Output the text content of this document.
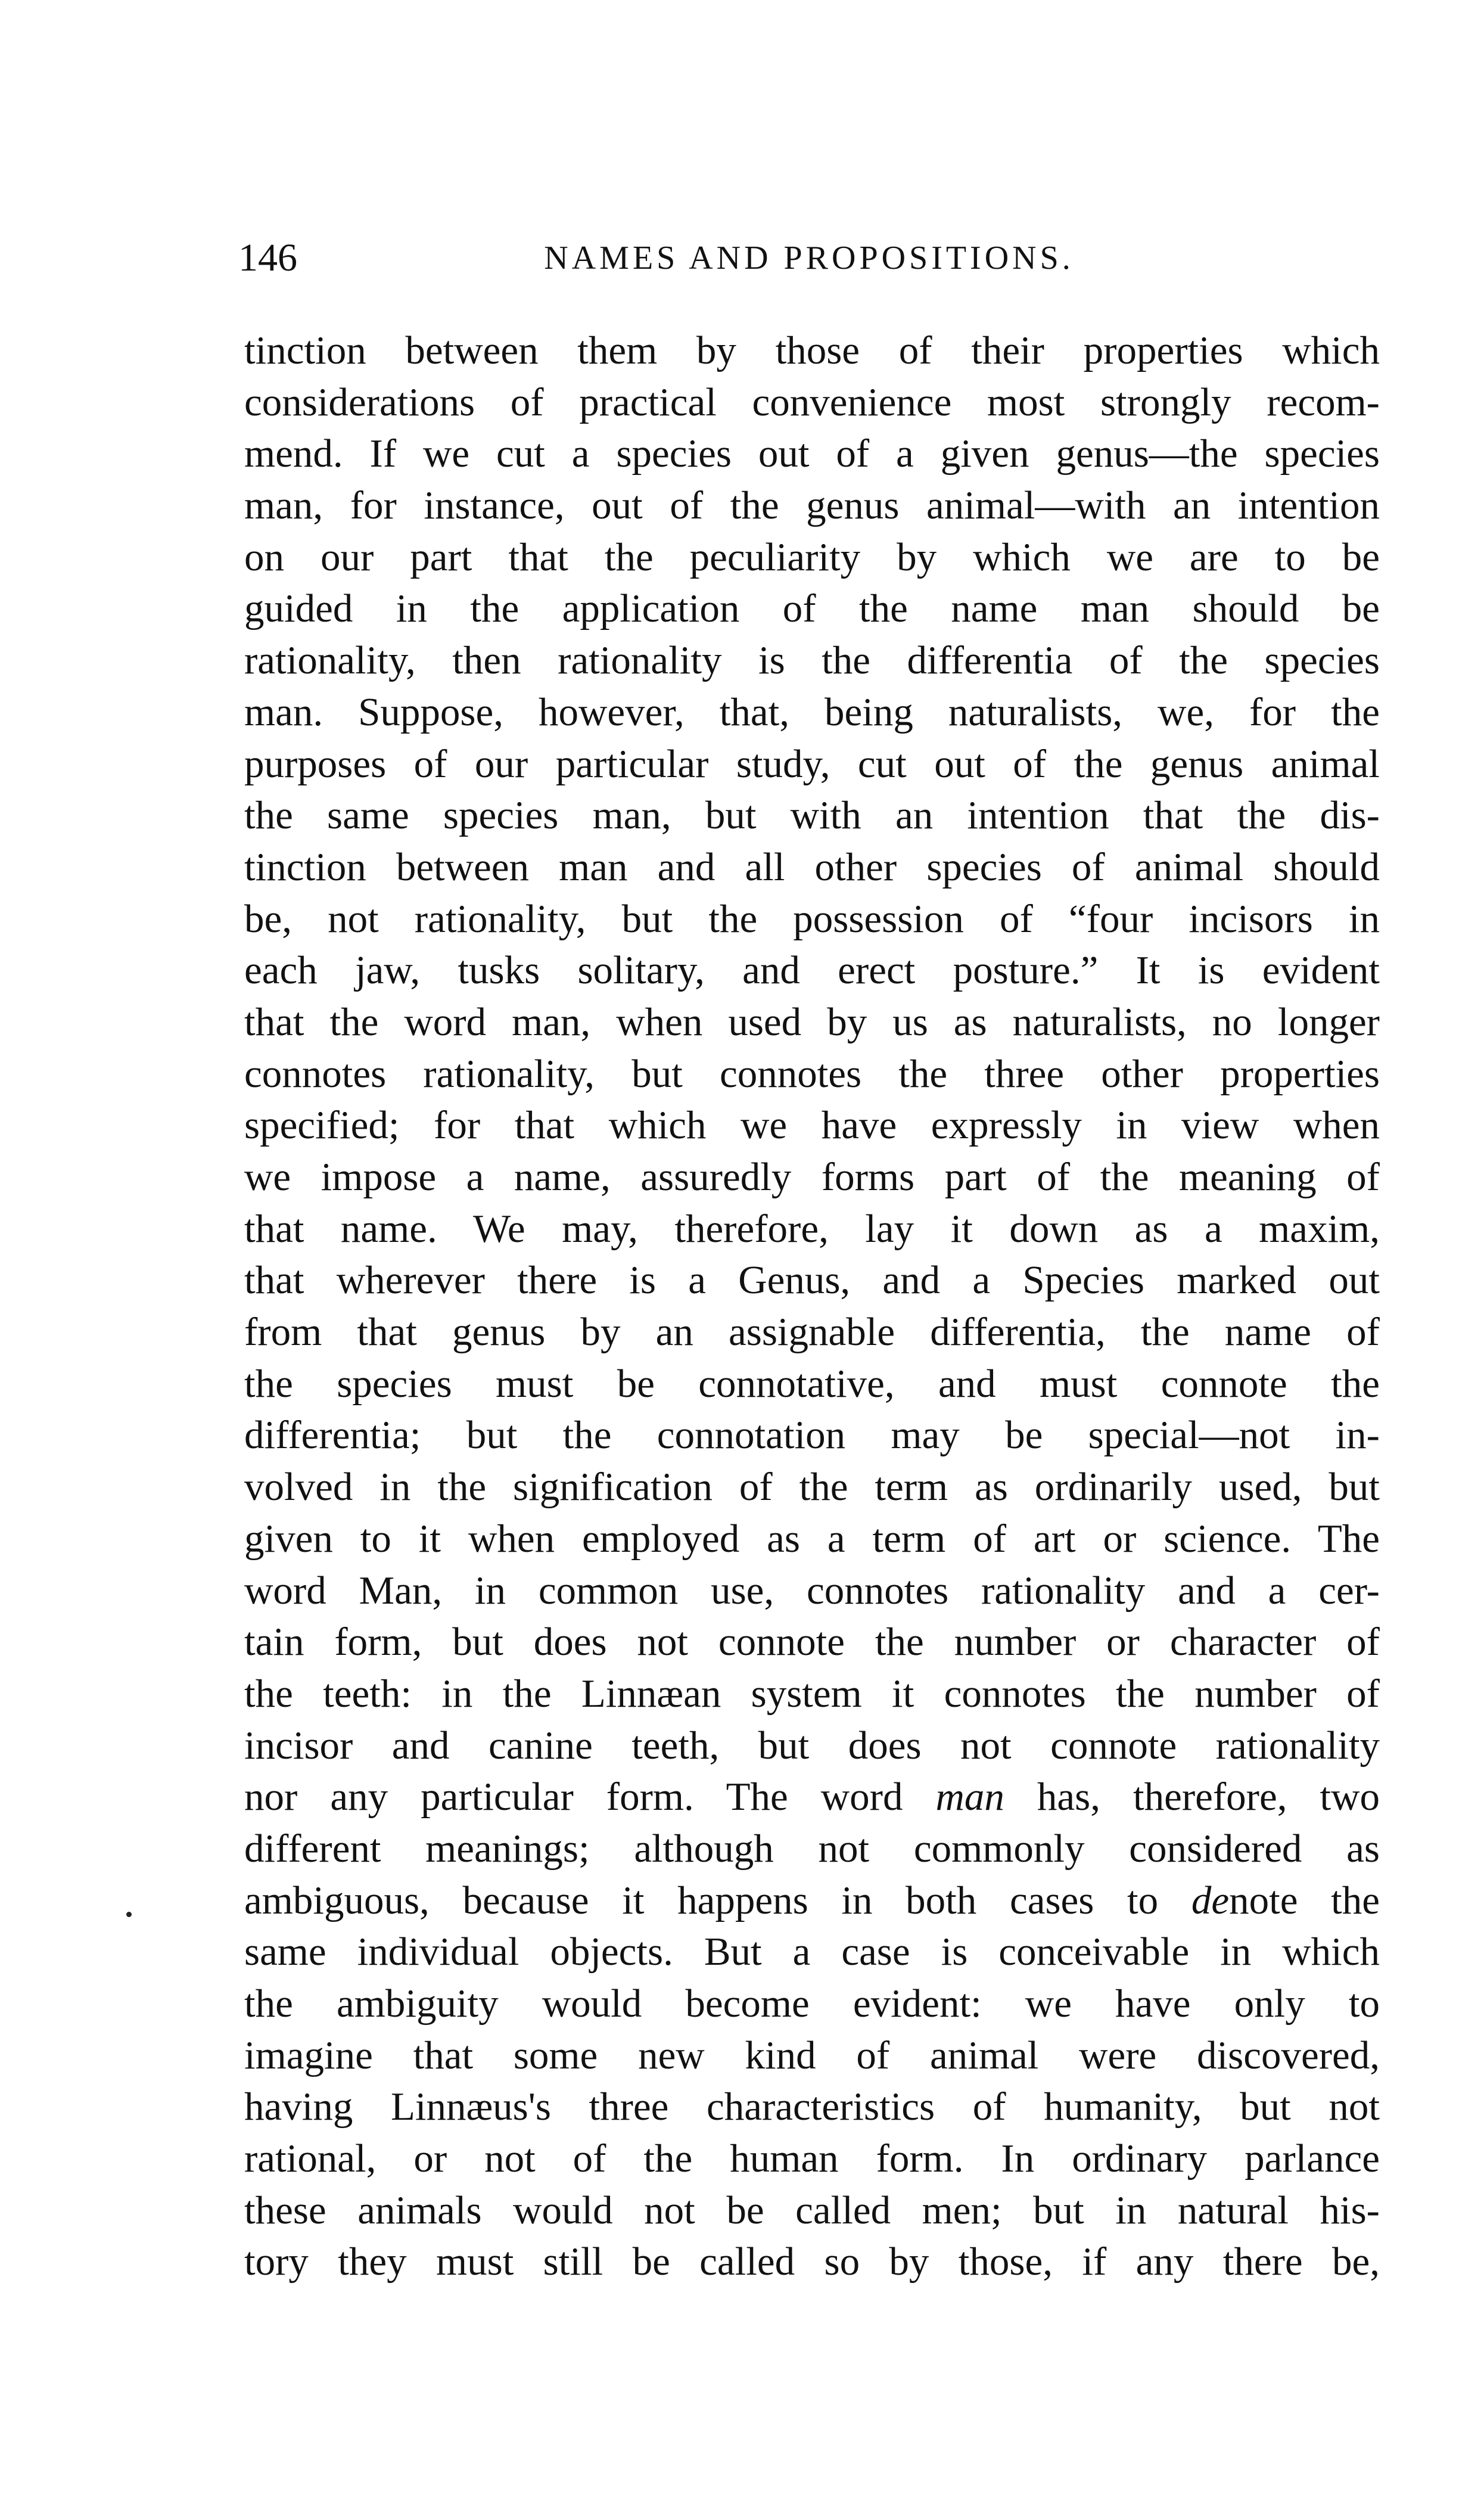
146	NAMES AND PROPOSITIONS.
tinction between them by those of their properties which
considerations of practical convenience most strongly recom-
mend. If we cut a species out of a given genus—the species
man, for instance, out of the genus animal—with an intention
on our part that the peculiarity by which we are to be
guided in the application of the name man should be
rationality, then rationality is the differentia of the species
man. Suppose, however, that, being naturalists, we, for the
purposes of our particular study, cut out of the genus animal
the same species man, but with an intention that the dis-
tinction between man and all other species of animal should
be, not rationality, but the possession of “four incisors in
each jaw, tusks solitary, and erect posture.” It is evident
that the word man, when used by us as naturalists, no longer
connotes rationality, but connotes the three other properties
specified; for that which we have expressly in view when
we impose a name, assuredly forms part of the meaning of
that name. We may, therefore, lay it down as a maxim,
that wherever there is a Genus, and a Species marked out
from that genus by an assignable differentia, the name of
the species must be connotative, and must connote the
differentia; but the connotation may be special—not in-
volved in the signification of the term as ordinarily used, but
given to it when employed as a term of art or science. The
word Man, in common use, connotes rationality and a cer-
tain form, but does not connote the number or character of
the teeth: in the Linnæan system it connotes the number of
incisor and canine teeth, but does not connote rationality
nor any particular form. The word man has, therefore, two
different meanings; although not commonly considered as
ambiguous, because it happens in both cases to denote the
same individual objects. But a case is conceivable in which
the ambiguity would become evident: we have only to
imagine that some new kind of animal were discovered,
having Linnæus's three characteristics of humanity, but not
rational, or not of the human form. In ordinary parlance
these animals would not be called men; but in natural his-
tory they must still be called so by those, if any there be,
